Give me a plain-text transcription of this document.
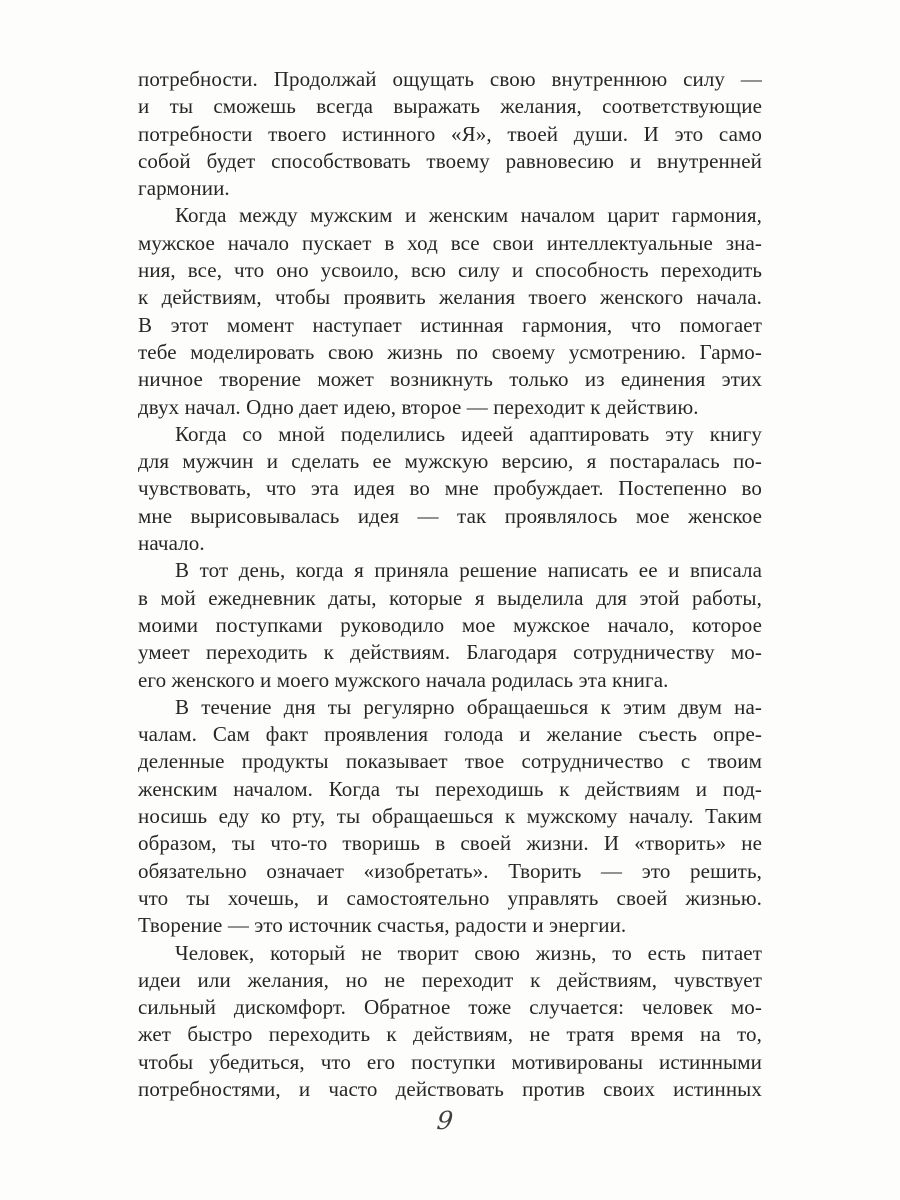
потребности. Продолжай ощущать свою внутреннюю силу —
и ты сможешь всегда выражать желания, соответствующие
потребности твоего истинного «Я», твоей души. И это само
собой будет способствовать твоему равновесию и внутренней
гармонии.
Когда между мужским и женским началом царит гармония,
мужское начало пускает в ход все свои интеллектуальные зна-
ния, все, что оно усвоило, всю силу и способность переходить
к действиям, чтобы проявить желания твоего женского начала.
В этот момент наступает истинная гармония, что помогает
тебе моделировать свою жизнь по своему усмотрению. Гармо-
ничное творение может возникнуть только из единения этих
двух начал. Одно дает идею, второе — переходит к действию.
Когда со мной поделились идеей адаптировать эту книгу
для мужчин и сделать ее мужскую версию, я постаралась по-
чувствовать, что эта идея во мне пробуждает. Постепенно во
мне вырисовывалась идея — так проявлялось мое женское
начало.
В тот день, когда я приняла решение написать ее и вписала
в мой ежедневник даты, которые я выделила для этой работы,
моими поступками руководило мое мужское начало, которое
умеет переходить к действиям. Благодаря сотрудничеству мо-
его женского и моего мужского начала родилась эта книга.
В течение дня ты регулярно обращаешься к этим двум на-
чалам. Сам факт проявления голода и желание съесть опре-
деленные продукты показывает твое сотрудничество с твоим
женским началом. Когда ты переходишь к действиям и под-
носишь еду ко рту, ты обращаешься к мужскому началу. Таким
образом, ты что-то творишь в своей жизни. И «творить» не
обязательно означает «изобретать». Творить — это решить,
что ты хочешь, и самостоятельно управлять своей жизнью.
Творение — это источник счастья, радости и энергии.
Человек, который не творит свою жизнь, то есть питает
идеи или желания, но не переходит к действиям, чувствует
сильный дискомфорт. Обратное тоже случается: человек мо-
жет быстро переходить к действиям, не тратя время на то,
чтобы убедиться, что его поступки мотивированы истинными
потребностями, и часто действовать против своих истинных
9
